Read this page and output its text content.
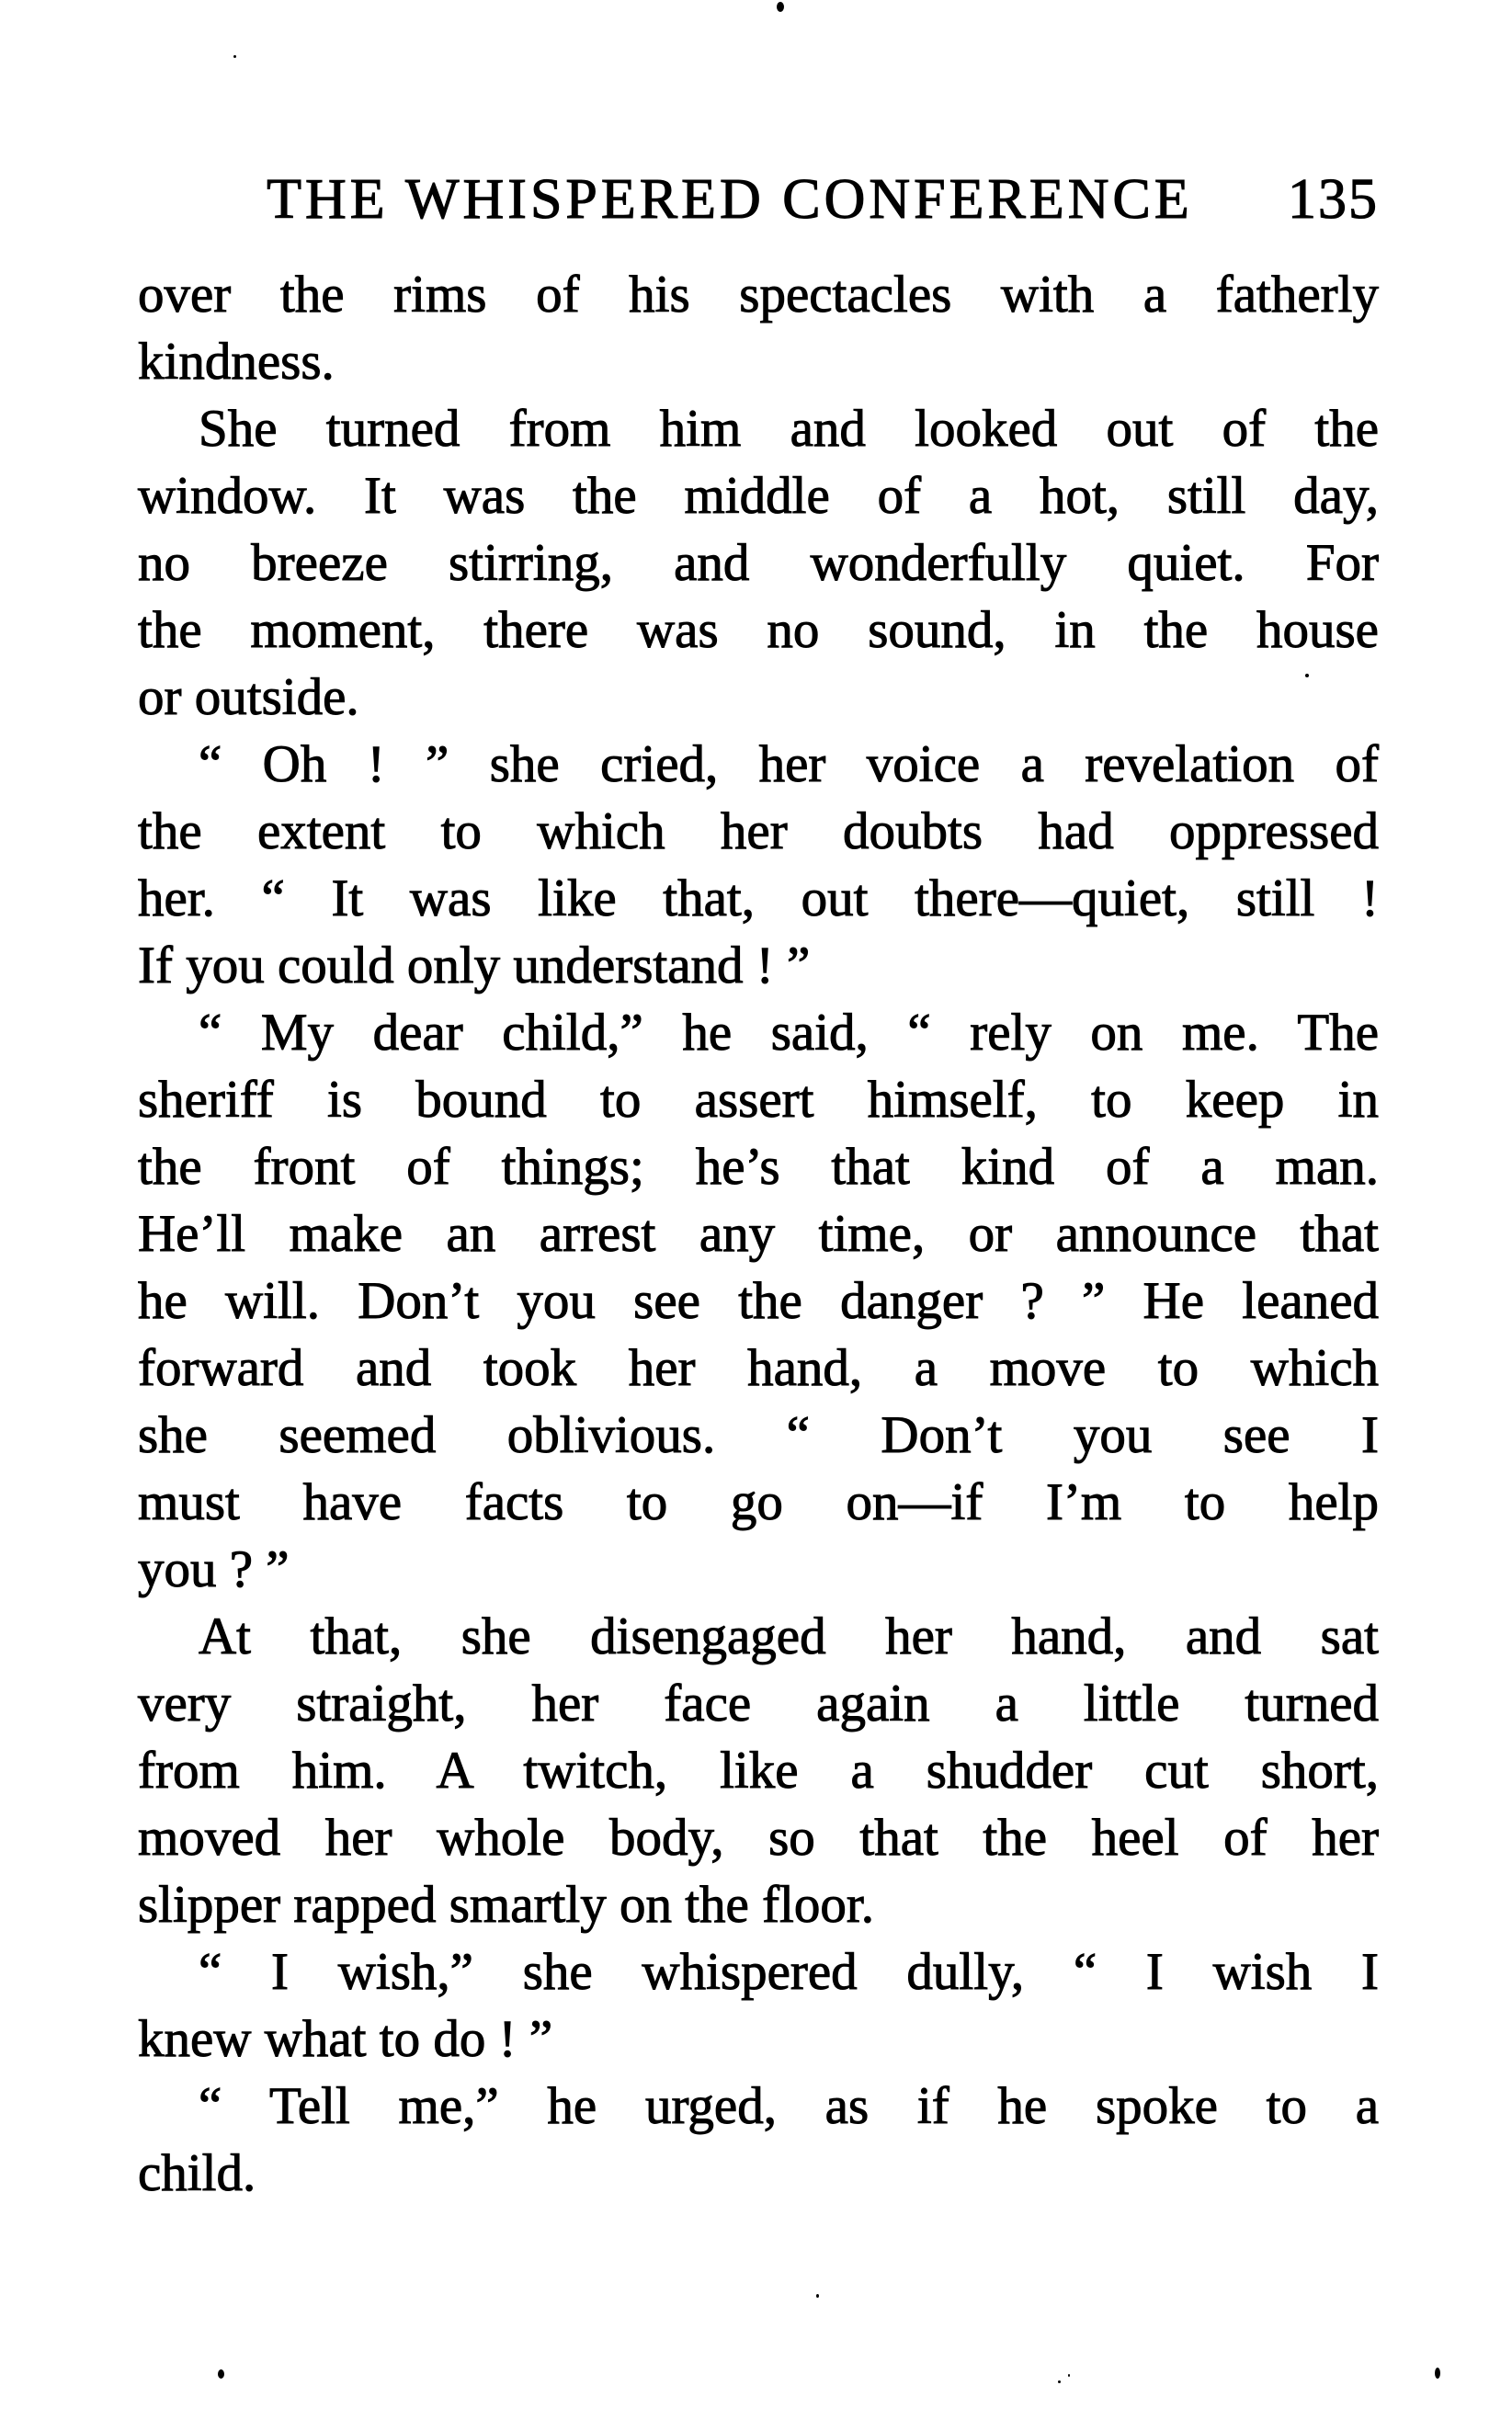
THE WHISPERED CONFERENCE 135
over the rims of his spectacles with a fatherly
kindness.
She turned from him and looked out of the
window. It was the middle of a hot, still day,
no breeze stirring, and wonderfully quiet. For
the moment, there was no sound, in the house
or outside.
“ Oh ! ” she cried, her voice a revelation of
the extent to which her doubts had oppressed
her. “ It was like that, out there—quiet, still !
If you could only understand ! ”
“ My dear child,” he said, “ rely on me. The
sheriff is bound to assert himself, to keep in
the front of things; he’s that kind of a man.
He’ll make an arrest any time, or announce that
he will. Don’t you see the danger ? ” He leaned
forward and took her hand, a move to which
she seemed oblivious. “ Don’t you see I
must have facts to go on—if I’m to help
you ? ”
At that, she disengaged her hand, and sat
very straight, her face again a little turned
from him. A twitch, like a shudder cut short,
moved her whole body, so that the heel of her
slipper rapped smartly on the floor.
“ I wish,” she whispered dully, “ I wish I
knew what to do ! ”
“ Tell me,” he urged, as if he spoke to a
child.
